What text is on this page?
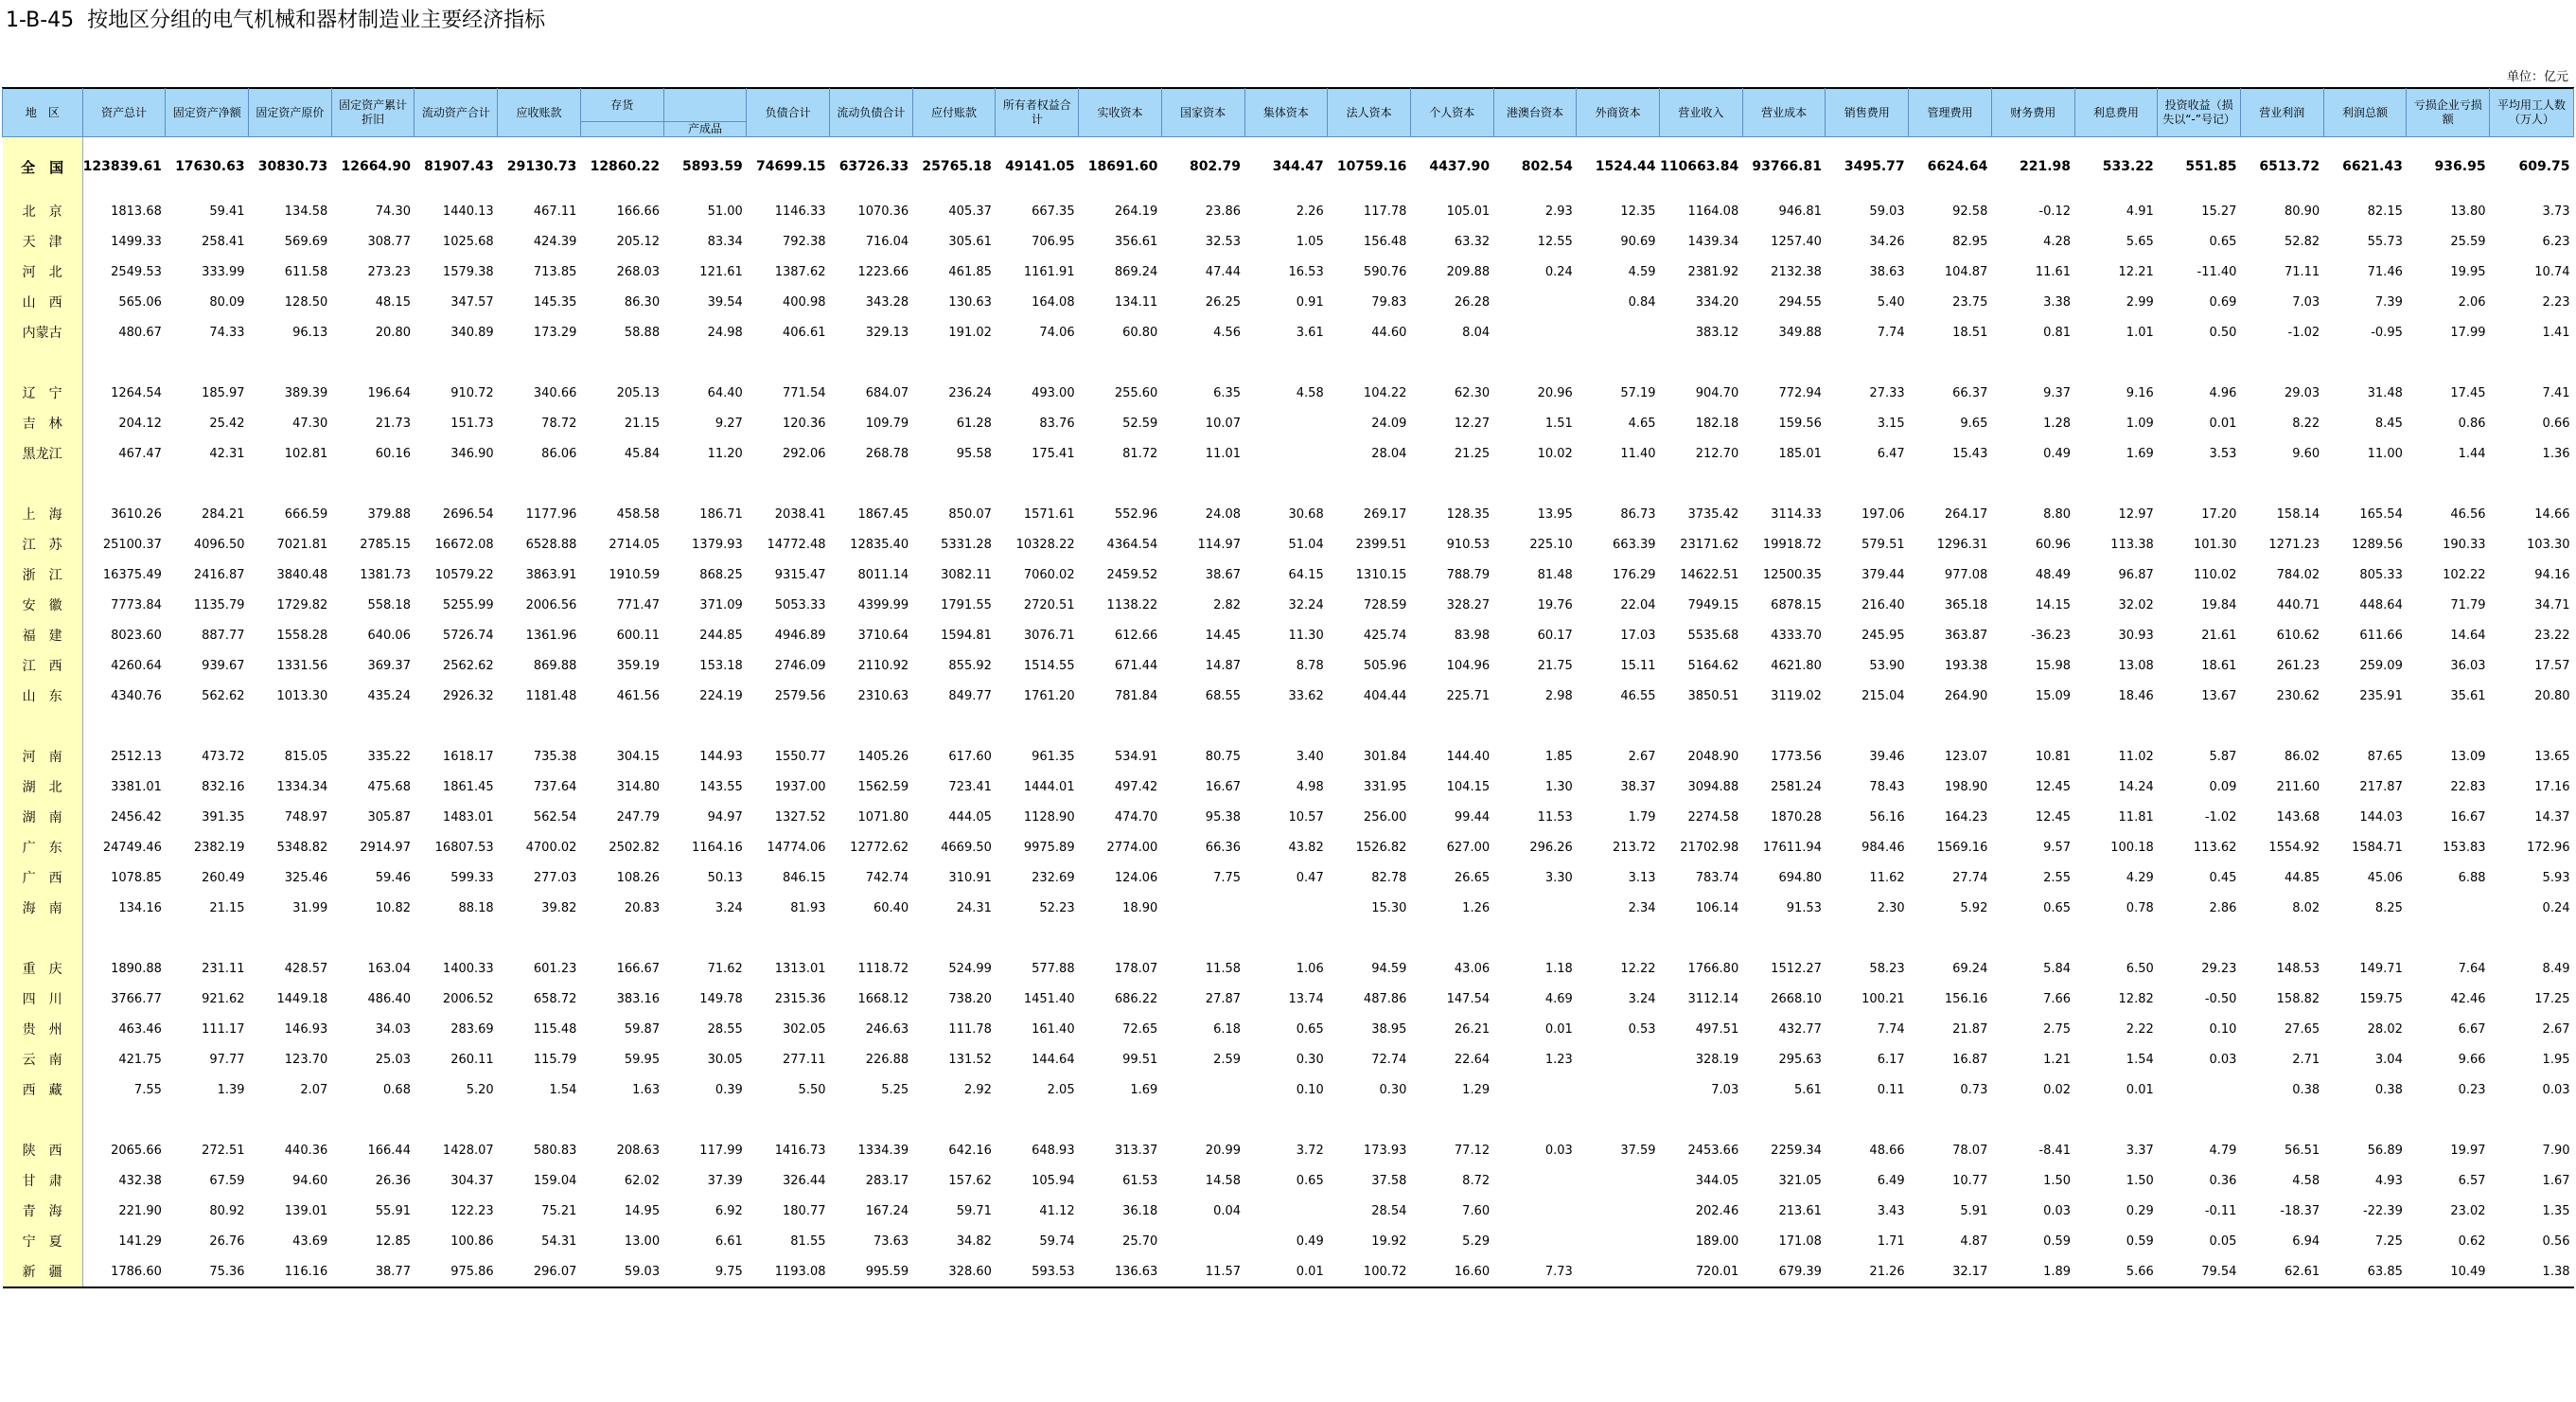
1-B-45  按地区分组的电气机械和器材制造业主要经济指标
单位：亿元
地　区	资产总计	固定资产净额	固定资产原价	固定资产累计折旧	流动资产合计	应收账款	存货		负债合计	流动负债合计	应付账款	所有者权益合计	实收资本	国家资本	集体资本	法人资本	个人资本	港澳台资本	外商资本	营业收入	营业成本	销售费用	管理费用	财务费用	利息费用	投资收益（损失以“-”号记）	营业利润	利润总额	亏损企业亏损额	平均用工人数（万人）

								产成品																						
全　国	123839.61	17630.63	30830.73	12664.90	81907.43	29130.73	12860.22	5893.59	74699.15	63726.33	25765.18	49141.05	18691.60	802.79	344.47	10759.16	4437.90	802.54	1524.44	110663.84	93766.81	3495.77	6624.64	221.98	533.22	551.85	6513.72	6621.43	936.95	609.75
北　京	1813.68	59.41	134.58	74.30	1440.13	467.11	166.66	51.00	1146.33	1070.36	405.37	667.35	264.19	23.86	2.26	117.78	105.01	2.93	12.35	1164.08	946.81	59.03	92.58	-0.12	4.91	15.27	80.90	82.15	13.80	3.73
天　津	1499.33	258.41	569.69	308.77	1025.68	424.39	205.12	83.34	792.38	716.04	305.61	706.95	356.61	32.53	1.05	156.48	63.32	12.55	90.69	1439.34	1257.40	34.26	82.95	4.28	5.65	0.65	52.82	55.73	25.59	6.23
河　北	2549.53	333.99	611.58	273.23	1579.38	713.85	268.03	121.61	1387.62	1223.66	461.85	1161.91	869.24	47.44	16.53	590.76	209.88	0.24	4.59	2381.92	2132.38	38.63	104.87	11.61	12.21	-11.40	71.11	71.46	19.95	10.74
山　西	565.06	80.09	128.50	48.15	347.57	145.35	86.30	39.54	400.98	343.28	130.63	164.08	134.11	26.25	0.91	79.83	26.28		0.84	334.20	294.55	5.40	23.75	3.38	2.99	0.69	7.03	7.39	2.06	2.23
内蒙古	480.67	74.33	96.13	20.80	340.89	173.29	58.88	24.98	406.61	329.13	191.02	74.06	60.80	4.56	3.61	44.60	8.04			383.12	349.88	7.74	18.51	0.81	1.01	0.50	-1.02	-0.95	17.99	1.41

辽　宁	1264.54	185.97	389.39	196.64	910.72	340.66	205.13	64.40	771.54	684.07	236.24	493.00	255.60	6.35	4.58	104.22	62.30	20.96	57.19	904.70	772.94	27.33	66.37	9.37	9.16	4.96	29.03	31.48	17.45	7.41
吉　林	204.12	25.42	47.30	21.73	151.73	78.72	21.15	9.27	120.36	109.79	61.28	83.76	52.59	10.07		24.09	12.27	1.51	4.65	182.18	159.56	3.15	9.65	1.28	1.09	0.01	8.22	8.45	0.86	0.66
黑龙江	467.47	42.31	102.81	60.16	346.90	86.06	45.84	11.20	292.06	268.78	95.58	175.41	81.72	11.01		28.04	21.25	10.02	11.40	212.70	185.01	6.47	15.43	0.49	1.69	3.53	9.60	11.00	1.44	1.36

上　海	3610.26	284.21	666.59	379.88	2696.54	1177.96	458.58	186.71	2038.41	1867.45	850.07	1571.61	552.96	24.08	30.68	269.17	128.35	13.95	86.73	3735.42	3114.33	197.06	264.17	8.80	12.97	17.20	158.14	165.54	46.56	14.66
江　苏	25100.37	4096.50	7021.81	2785.15	16672.08	6528.88	2714.05	1379.93	14772.48	12835.40	5331.28	10328.22	4364.54	114.97	51.04	2399.51	910.53	225.10	663.39	23171.62	19918.72	579.51	1296.31	60.96	113.38	101.30	1271.23	1289.56	190.33	103.30
浙　江	16375.49	2416.87	3840.48	1381.73	10579.22	3863.91	1910.59	868.25	9315.47	8011.14	3082.11	7060.02	2459.52	38.67	64.15	1310.15	788.79	81.48	176.29	14622.51	12500.35	379.44	977.08	48.49	96.87	110.02	784.02	805.33	102.22	94.16
安　徽	7773.84	1135.79	1729.82	558.18	5255.99	2006.56	771.47	371.09	5053.33	4399.99	1791.55	2720.51	1138.22	2.82	32.24	728.59	328.27	19.76	22.04	7949.15	6878.15	216.40	365.18	14.15	32.02	19.84	440.71	448.64	71.79	34.71
福　建	8023.60	887.77	1558.28	640.06	5726.74	1361.96	600.11	244.85	4946.89	3710.64	1594.81	3076.71	612.66	14.45	11.30	425.74	83.98	60.17	17.03	5535.68	4333.70	245.95	363.87	-36.23	30.93	21.61	610.62	611.66	14.64	23.22
江　西	4260.64	939.67	1331.56	369.37	2562.62	869.88	359.19	153.18	2746.09	2110.92	855.92	1514.55	671.44	14.87	8.78	505.96	104.96	21.75	15.11	5164.62	4621.80	53.90	193.38	15.98	13.08	18.61	261.23	259.09	36.03	17.57
山　东	4340.76	562.62	1013.30	435.24	2926.32	1181.48	461.56	224.19	2579.56	2310.63	849.77	1761.20	781.84	68.55	33.62	404.44	225.71	2.98	46.55	3850.51	3119.02	215.04	264.90	15.09	18.46	13.67	230.62	235.91	35.61	20.80

河　南	2512.13	473.72	815.05	335.22	1618.17	735.38	304.15	144.93	1550.77	1405.26	617.60	961.35	534.91	80.75	3.40	301.84	144.40	1.85	2.67	2048.90	1773.56	39.46	123.07	10.81	11.02	5.87	86.02	87.65	13.09	13.65
湖　北	3381.01	832.16	1334.34	475.68	1861.45	737.64	314.80	143.55	1937.00	1562.59	723.41	1444.01	497.42	16.67	4.98	331.95	104.15	1.30	38.37	3094.88	2581.24	78.43	198.90	12.45	14.24	0.09	211.60	217.87	22.83	17.16
湖　南	2456.42	391.35	748.97	305.87	1483.01	562.54	247.79	94.97	1327.52	1071.80	444.05	1128.90	474.70	95.38	10.57	256.00	99.44	11.53	1.79	2274.58	1870.28	56.16	164.23	12.45	11.81	-1.02	143.68	144.03	16.67	14.37
广　东	24749.46	2382.19	5348.82	2914.97	16807.53	4700.02	2502.82	1164.16	14774.06	12772.62	4669.50	9975.89	2774.00	66.36	43.82	1526.82	627.00	296.26	213.72	21702.98	17611.94	984.46	1569.16	9.57	100.18	113.62	1554.92	1584.71	153.83	172.96
广　西	1078.85	260.49	325.46	59.46	599.33	277.03	108.26	50.13	846.15	742.74	310.91	232.69	124.06	7.75	0.47	82.78	26.65	3.30	3.13	783.74	694.80	11.62	27.74	2.55	4.29	0.45	44.85	45.06	6.88	5.93
海　南	134.16	21.15	31.99	10.82	88.18	39.82	20.83	3.24	81.93	60.40	24.31	52.23	18.90			15.30	1.26		2.34	106.14	91.53	2.30	5.92	0.65	0.78	2.86	8.02	8.25		0.24

重　庆	1890.88	231.11	428.57	163.04	1400.33	601.23	166.67	71.62	1313.01	1118.72	524.99	577.88	178.07	11.58	1.06	94.59	43.06	1.18	12.22	1766.80	1512.27	58.23	69.24	5.84	6.50	29.23	148.53	149.71	7.64	8.49
四　川	3766.77	921.62	1449.18	486.40	2006.52	658.72	383.16	149.78	2315.36	1668.12	738.20	1451.40	686.22	27.87	13.74	487.86	147.54	4.69	3.24	3112.14	2668.10	100.21	156.16	7.66	12.82	-0.50	158.82	159.75	42.46	17.25
贵　州	463.46	111.17	146.93	34.03	283.69	115.48	59.87	28.55	302.05	246.63	111.78	161.40	72.65	6.18	0.65	38.95	26.21	0.01	0.53	497.51	432.77	7.74	21.87	2.75	2.22	0.10	27.65	28.02	6.67	2.67
云　南	421.75	97.77	123.70	25.03	260.11	115.79	59.95	30.05	277.11	226.88	131.52	144.64	99.51	2.59	0.30	72.74	22.64	1.23		328.19	295.63	6.17	16.87	1.21	1.54	0.03	2.71	3.04	9.66	1.95
西　藏	7.55	1.39	2.07	0.68	5.20	1.54	1.63	0.39	5.50	5.25	2.92	2.05	1.69		0.10	0.30	1.29			7.03	5.61	0.11	0.73	0.02	0.01		0.38	0.38	0.23	0.03

陕　西	2065.66	272.51	440.36	166.44	1428.07	580.83	208.63	117.99	1416.73	1334.39	642.16	648.93	313.37	20.99	3.72	173.93	77.12	0.03	37.59	2453.66	2259.34	48.66	78.07	-8.41	3.37	4.79	56.51	56.89	19.97	7.90
甘　肃	432.38	67.59	94.60	26.36	304.37	159.04	62.02	37.39	326.44	283.17	157.62	105.94	61.53	14.58	0.65	37.58	8.72			344.05	321.05	6.49	10.77	1.50	1.50	0.36	4.58	4.93	6.57	1.67
青　海	221.90	80.92	139.01	55.91	122.23	75.21	14.95	6.92	180.77	167.24	59.71	41.12	36.18	0.04		28.54	7.60			202.46	213.61	3.43	5.91	0.03	0.29	-0.11	-18.37	-22.39	23.02	1.35
宁　夏	141.29	26.76	43.69	12.85	100.86	54.31	13.00	6.61	81.55	73.63	34.82	59.74	25.70		0.49	19.92	5.29			189.00	171.08	1.71	4.87	0.59	0.59	0.05	6.94	7.25	0.62	0.56
新　疆	1786.60	75.36	116.16	38.77	975.86	296.07	59.03	9.75	1193.08	995.59	328.60	593.53	136.63	11.57	0.01	100.72	16.60	7.73		720.01	679.39	21.26	32.17	1.89	5.66	79.54	62.61	63.85	10.49	1.38
